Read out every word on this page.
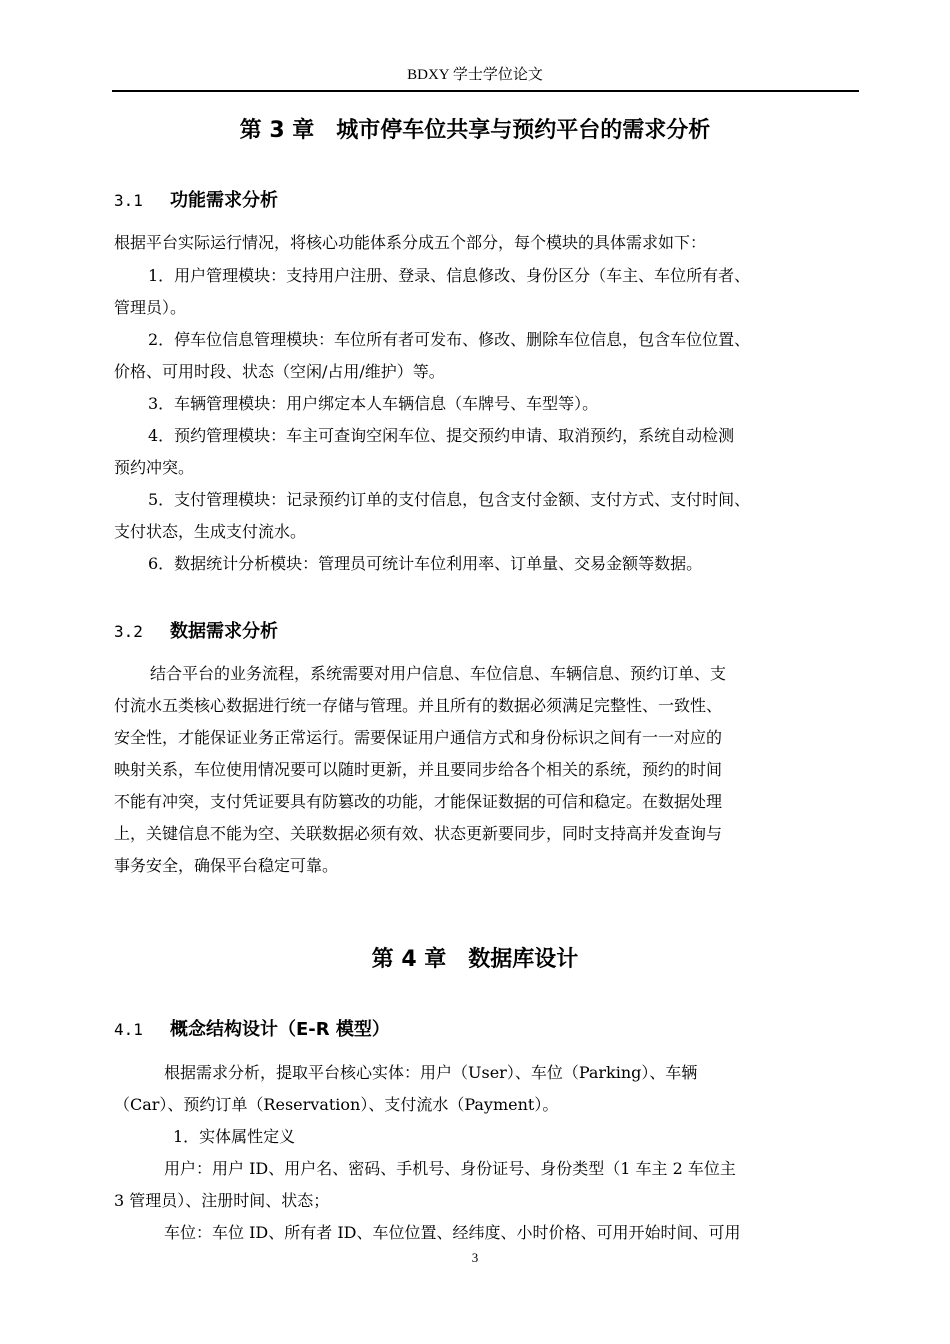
BDXY 学士学位论文
第 3 章　城市停车位共享与预约平台的需求分析
3.1 功能需求分析
根据平台实际运行情况，将核心功能体系分成五个部分，每个模块的具体需求如下：
1．用户管理模块：支持用户注册、登录、信息修改、身份区分（车主、车位所有者、
管理员）。
2．停车位信息管理模块：车位所有者可发布、修改、删除车位信息，包含车位位置、
价格、可用时段、状态（空闲/占用/维护）等。
3．车辆管理模块：用户绑定本人车辆信息（车牌号、车型等）。
4．预约管理模块：车主可查询空闲车位、提交预约申请、取消预约，系统自动检测
预约冲突。
5．支付管理模块：记录预约订单的支付信息，包含支付金额、支付方式、支付时间、
支付状态，生成支付流水。
6．数据统计分析模块：管理员可统计车位利用率、订单量、交易金额等数据。
3.2 数据需求分析
结合平台的业务流程，系统需要对用户信息、车位信息、车辆信息、预约订单、支
付流水五类核心数据进行统一存储与管理。并且所有的数据必须满足完整性、一致性、
安全性，才能保证业务正常运行。需要保证用户通信方式和身份标识之间有一一对应的
映射关系，车位使用情况要可以随时更新，并且要同步给各个相关的系统，预约的时间
不能有冲突，支付凭证要具有防篡改的功能，才能保证数据的可信和稳定。在数据处理
上，关键信息不能为空、关联数据必须有效、状态更新要同步，同时支持高并发查询与
事务安全，确保平台稳定可靠。
第 4 章　数据库设计
4.1 概念结构设计（E-R 模型）
根据需求分析，提取平台核心实体：用户（User）、车位（Parking）、车辆
（Car）、预约订单（Reservation）、支付流水（Payment）。
1．实体属性定义
用户：用户 ID、用户名、密码、手机号、身份证号、身份类型（1 车主 2 车位主
3 管理员）、注册时间、状态；
车位：车位 ID、所有者 ID、车位位置、经纬度、小时价格、可用开始时间、可用
3
